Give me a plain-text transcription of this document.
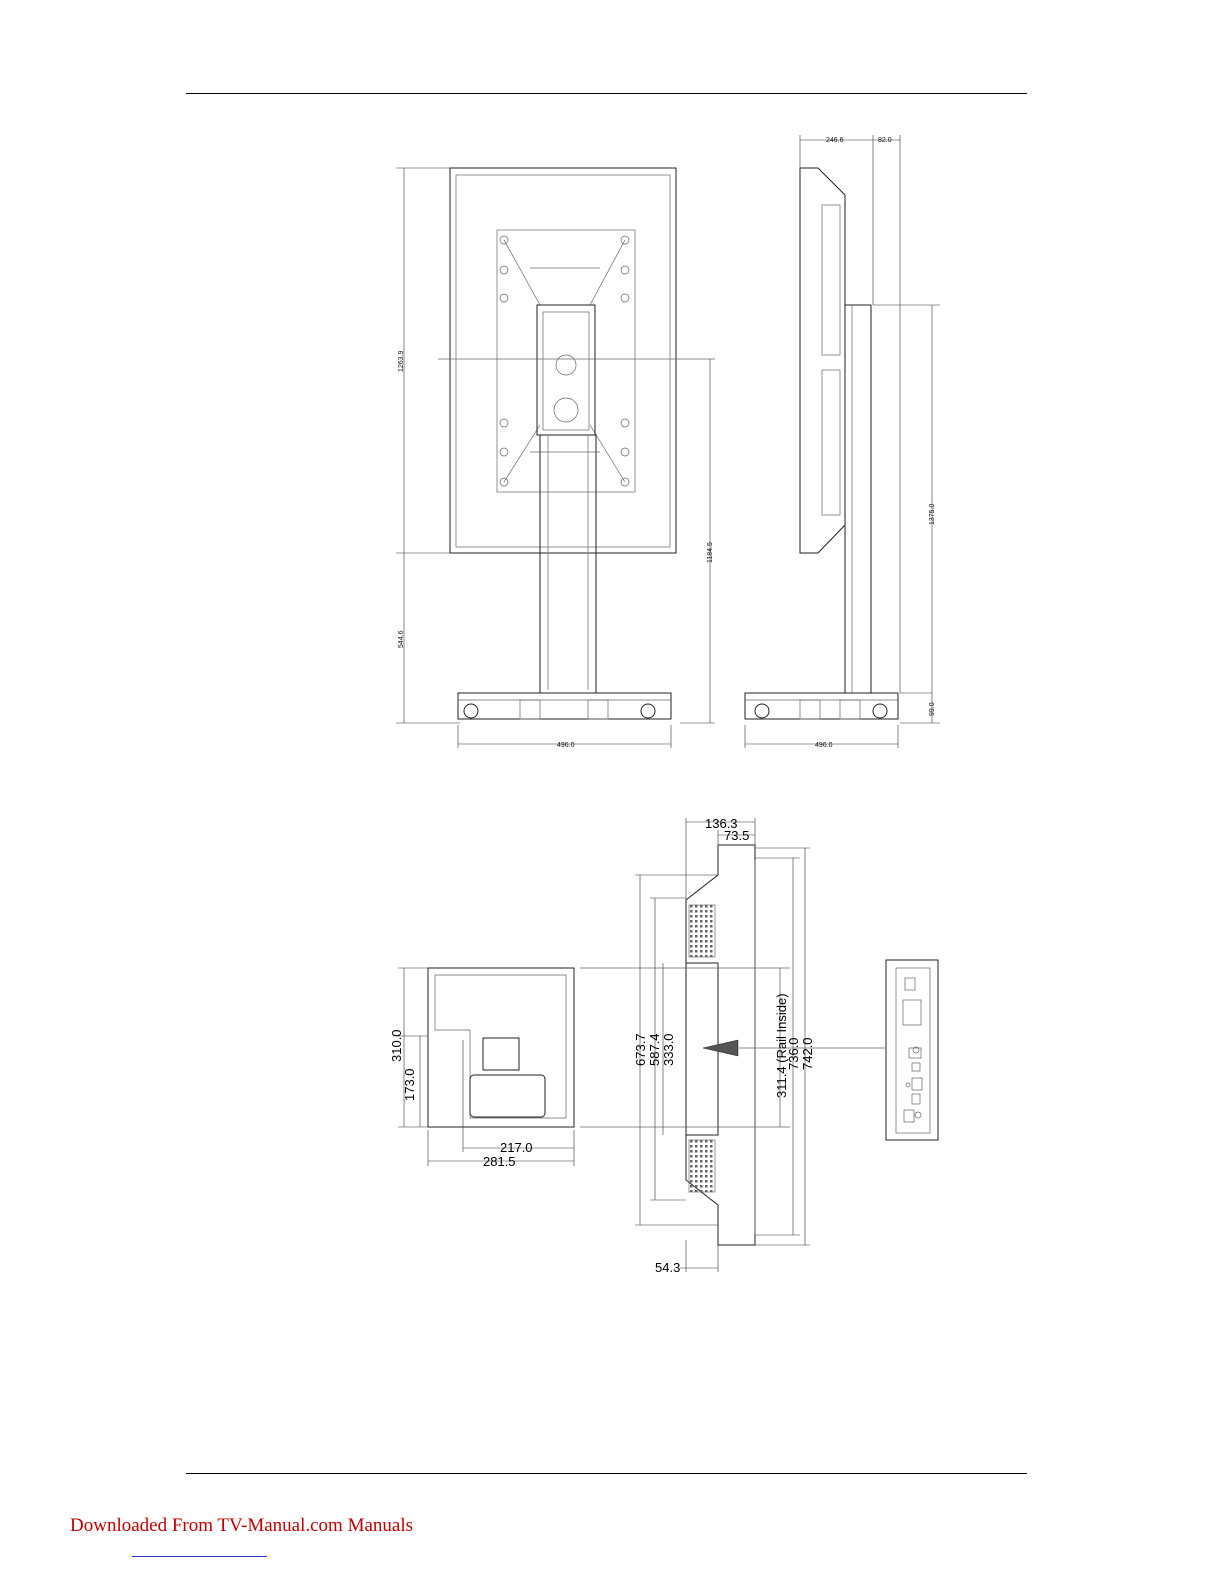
1263.9
544.6
1184.5
496.0
246.6	82.0
1375.0
99.0
496.0
310.0
173.0
217.0
281.5
136.3
73.5
673.7 587.4 333.0	311.4 (Rail Inside)
736.0 742.0
54.3
Downloaded From TV-Manual.com Manuals
